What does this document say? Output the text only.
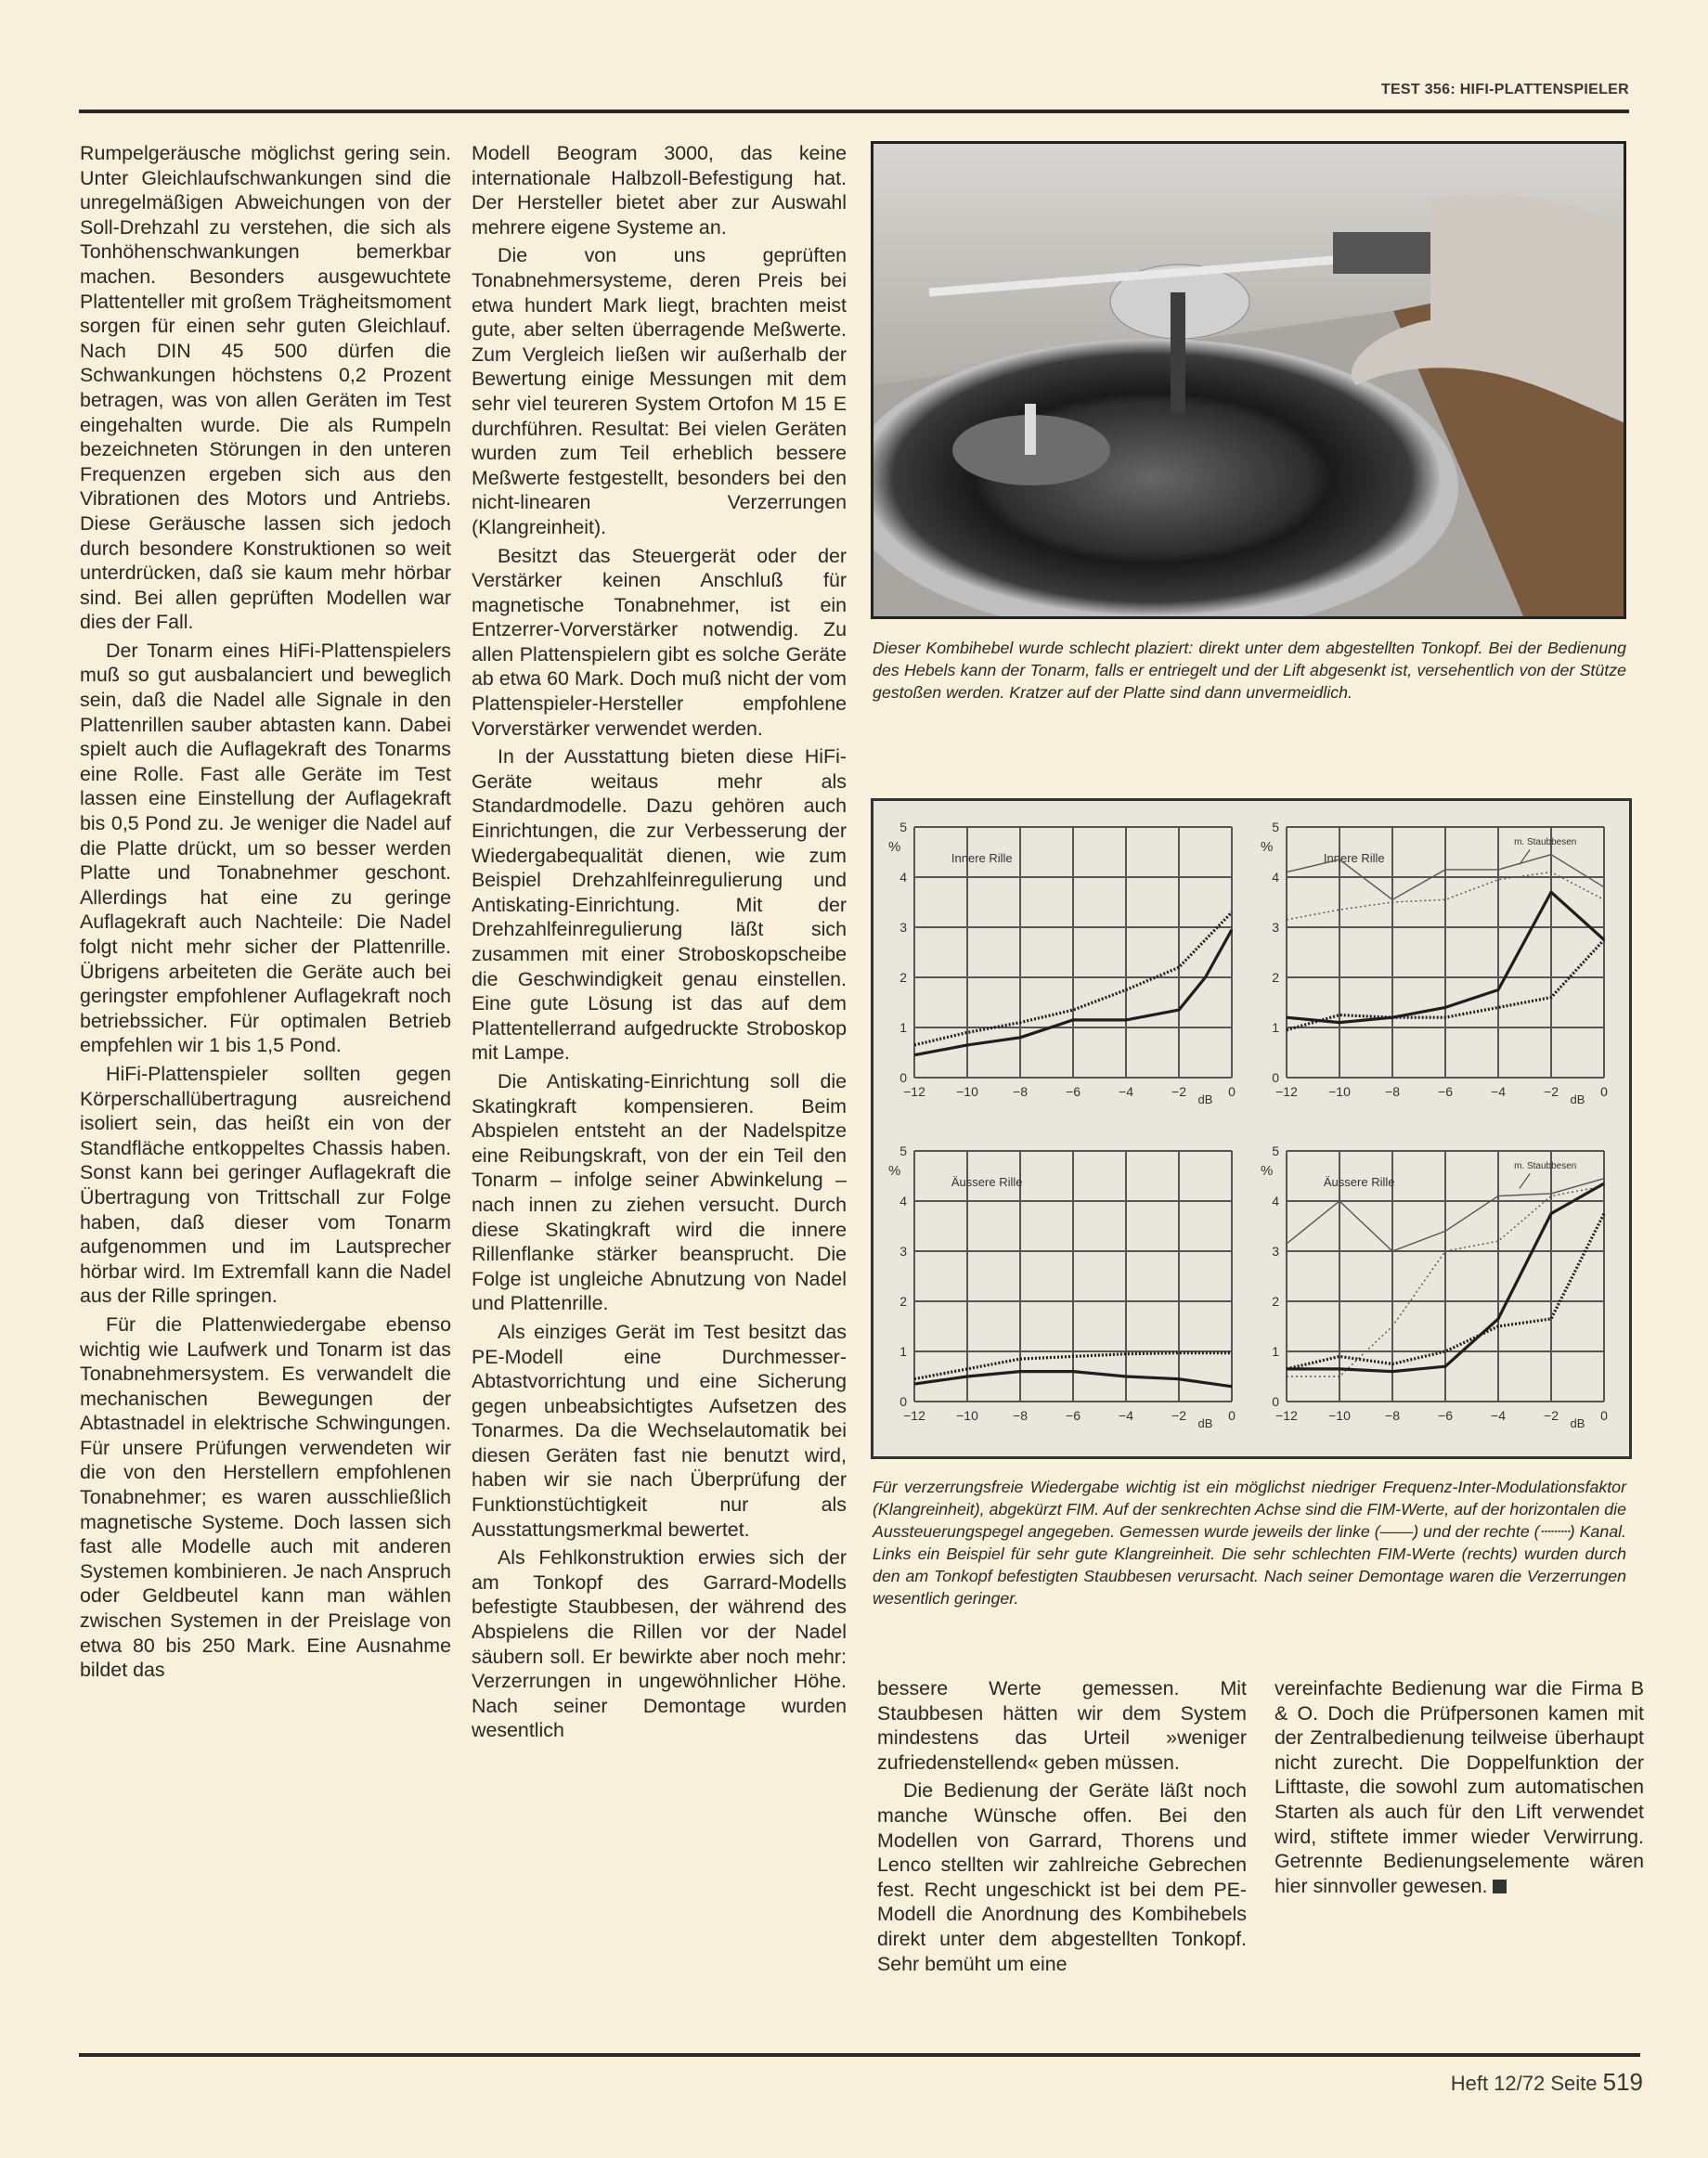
TEST 356: HIFI-PLATTENSPIELER

Rumpelgeräusche möglichst gering sein. Unter Gleichlaufschwankungen sind die unregelmäßigen Abweichungen von der Soll-Drehzahl zu verstehen, die sich als Tonhöhenschwankungen bemerkbar machen. Besonders ausgewuchtete Plattenteller mit großem Trägheitsmoment sorgen für einen sehr guten Gleichlauf. Nach DIN 45 500 dürfen die Schwankungen höchstens 0,2 Prozent betragen, was von allen Geräten im Test eingehalten wurde. Die als Rumpeln bezeichneten Störungen in den unteren Frequenzen ergeben sich aus den Vibrationen des Motors und Antriebs. Diese Geräusche lassen sich jedoch durch besondere Konstruktionen so weit unterdrücken, daß sie kaum mehr hörbar sind. Bei allen geprüften Modellen war dies der Fall.

Der Tonarm eines HiFi-Plattenspielers muß so gut ausbalanciert und beweglich sein, daß die Nadel alle Signale in den Plattenrillen sauber abtasten kann. Dabei spielt auch die Auflagekraft des Tonarms eine Rolle. Fast alle Geräte im Test lassen eine Einstellung der Auflagekraft bis 0,5 Pond zu. Je weniger die Nadel auf die Platte drückt, um so besser werden Platte und Tonabnehmer geschont. Allerdings hat eine zu geringe Auflagekraft auch Nachteile: Die Nadel folgt nicht mehr sicher der Plattenrille. Übrigens arbeiteten die Geräte auch bei geringster empfohlener Auflagekraft noch betriebssicher. Für optimalen Betrieb empfehlen wir 1 bis 1,5 Pond.

HiFi-Plattenspieler sollten gegen Körperschallübertragung ausreichend isoliert sein, das heißt ein von der Standfläche entkoppeltes Chassis haben. Sonst kann bei geringer Auflagekraft die Übertragung von Trittschall zur Folge haben, daß dieser vom Tonarm aufgenommen und im Lautsprecher hörbar wird. Im Extremfall kann die Nadel aus der Rille springen.

Für die Plattenwiedergabe ebenso wichtig wie Laufwerk und Tonarm ist das Tonabnehmersystem. Es verwandelt die mechanischen Bewegungen der Abtastnadel in elektrische Schwingungen. Für unsere Prüfungen verwendeten wir die von den Herstellern empfohlenen Tonabnehmer; es waren ausschließlich magnetische Systeme. Doch lassen sich fast alle Modelle auch mit anderen Systemen kombinieren. Je nach Anspruch oder Geldbeutel kann man wählen zwischen Systemen in der Preislage von etwa 80 bis 250 Mark. Eine Ausnahme bildet das

Modell Beogram 3000, das keine internationale Halbzoll-Befestigung hat. Der Hersteller bietet aber zur Auswahl mehrere eigene Systeme an.

Die von uns geprüften Tonabnehmersysteme, deren Preis bei etwa hundert Mark liegt, brachten meist gute, aber selten überragende Meßwerte. Zum Vergleich ließen wir außerhalb der Bewertung einige Messungen mit dem sehr viel teureren System Ortofon M 15 E durchführen. Resultat: Bei vielen Geräten wurden zum Teil erheblich bessere Meßwerte festgestellt, besonders bei den nicht-linearen Verzerrungen (Klangreinheit).

Besitzt das Steuergerät oder der Verstärker keinen Anschluß für magnetische Tonabnehmer, ist ein Entzerrer-Vorverstärker notwendig. Zu allen Plattenspielern gibt es solche Geräte ab etwa 60 Mark. Doch muß nicht der vom Plattenspieler-Hersteller empfohlene Vorverstärker verwendet werden.

In der Ausstattung bieten diese HiFi-Geräte weitaus mehr als Standardmodelle. Dazu gehören auch Einrichtungen, die zur Verbesserung der Wiedergabequalität dienen, wie zum Beispiel Drehzahlfeinregulierung und Antiskating-Einrichtung. Mit der Drehzahlfeinregulierung läßt sich zusammen mit einer Stroboskopscheibe die Geschwindigkeit genau einstellen. Eine gute Lösung ist das auf dem Plattentellerrand aufgedruckte Stroboskop mit Lampe.

Die Antiskating-Einrichtung soll die Skatingkraft kompensieren. Beim Abspielen entsteht an der Nadelspitze eine Reibungskraft, von der ein Teil den Tonarm – infolge seiner Abwinkelung – nach innen zu ziehen versucht. Durch diese Skatingkraft wird die innere Rillenflanke stärker beansprucht. Die Folge ist ungleiche Abnutzung von Nadel und Plattenrille.

Als einziges Gerät im Test besitzt das PE-Modell eine Durchmesser-Abtastvorrichtung und eine Sicherung gegen unbeabsichtigtes Aufsetzen des Tonarmes. Da die Wechselautomatik bei diesen Geräten fast nie benutzt wird, haben wir sie nach Überprüfung der Funktionstüchtigkeit nur als Ausstattungsmerkmal bewertet.

Als Fehlkonstruktion erwies sich der am Tonkopf des Garrard-Modells befestigte Staubbesen, der während des Abspielens die Rillen vor der Nadel säubern soll. Er bewirkte aber noch mehr: Verzerrungen in ungewöhnlicher Höhe. Nach seiner Demontage wurden wesentlich

Dieser Kombihebel wurde schlecht plaziert: direkt unter dem abgestellten Tonkopf. Bei der Bedienung des Hebels kann der Tonarm, falls er entriegelt und der Lift abgesenkt ist, versehentlich von der Stütze gestoßen werden. Kratzer auf der Platte sind dann unvermeidlich.
0
1
2
3
4
5
%
−12 −10	−8	−6	−4	−2	0
dB
Innere Rille
0
1
2
3
4
5
%
−12 −10	−8	−6	−4	−2	0
dB
Innere Rille
m. Staubbesen
0
1
2
3
4
5
%
−12 −10	−8	−6	−4	−2	0
dB
Äussere Rille
0
1
2
3
4
5
%
−12 −10	−8	−6	−4	−2	0
dB
Äussere Rille
m. Staubbesen
Für verzerrungsfreie Wiedergabe wichtig ist ein möglichst niedriger Frequenz-Inter-Modulationsfaktor (Klangreinheit), abgekürzt FIM. Auf der senkrechten Achse sind die FIM-Werte, auf der horizontalen die Aussteuerungspegel angegeben. Gemessen wurde jeweils der linke (——) und der rechte (┄┄┄) Kanal. Links ein Beispiel für sehr gute Klangreinheit. Die sehr schlechten FIM-Werte (rechts) wurden durch den am Tonkopf befestigten Staubbesen verursacht. Nach seiner Demontage waren die Verzerrungen wesentlich geringer.

bessere Werte gemessen. Mit Staubbesen hätten wir dem System mindestens das Urteil »weniger zufriedenstellend« geben müssen.

Die Bedienung der Geräte läßt noch manche Wünsche offen. Bei den Modellen von Garrard, Thorens und Lenco stellten wir zahlreiche Gebrechen fest. Recht ungeschickt ist bei dem PE-Modell die Anordnung des Kombihebels direkt unter dem abgestellten Tonkopf. Sehr bemüht um eine

vereinfachte Bedienung war die Firma B & O. Doch die Prüfpersonen kamen mit der Zentralbedienung teilweise überhaupt nicht zurecht. Die Doppelfunktion der Lifttaste, die sowohl zum automatischen Starten als auch für den Lift verwendet wird, stiftete immer wieder Verwirrung. Getrennte Bedienungselemente wären hier sinnvoller gewesen.

Heft 12/72 Seite 519
